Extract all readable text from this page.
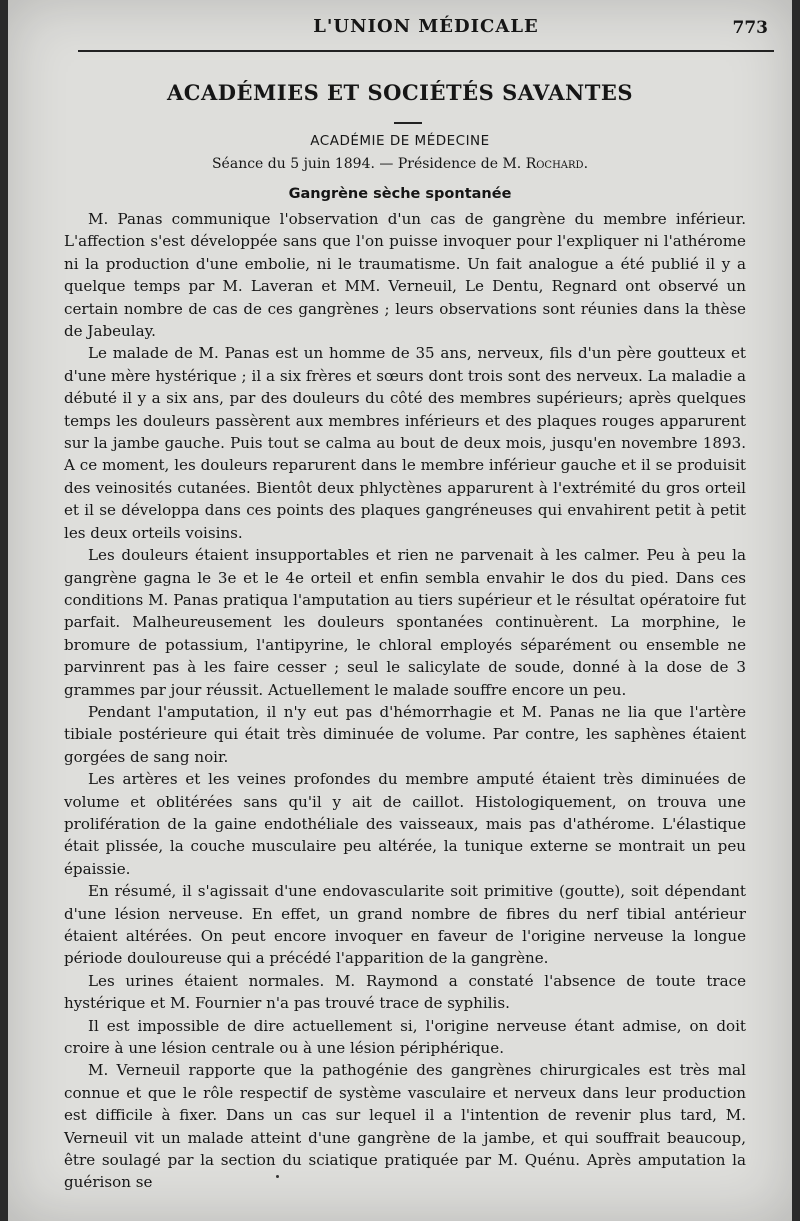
L'UNION MÉDICALE	773
ACADÉMIES ET SOCIÉTÉS SAVANTES
ACADÉMIE DE MÉDECINE
Séance du 5 juin 1894. — Présidence de M. Rochard.
Gangrène sèche spontanée

M. Panas communique l'observation d'un cas de gangrène du membre inférieur. L'affection s'est développée sans que l'on puisse invoquer pour l'expliquer ni l'athérome ni la production d'une embolie, ni le traumatisme. Un fait analogue a été publié il y a quelque temps par M. Laveran et MM. Verneuil, Le Dentu, Regnard ont observé un certain nombre de cas de ces gangrènes ; leurs observations sont réunies dans la thèse de Jabeulay.

Le malade de M. Panas est un homme de 35 ans, nerveux, fils d'un père goutteux et d'une mère hystérique ; il a six frères et sœurs dont trois sont des nerveux. La maladie a débuté il y a six ans, par des douleurs du côté des membres supérieurs; après quelques temps les douleurs passèrent aux membres inférieurs et des plaques rouges apparurent sur la jambe gauche. Puis tout se calma au bout de deux mois, jusqu'en novembre 1893. A ce moment, les douleurs reparurent dans le membre inférieur gauche et il se produisit des veinosités cutanées. Bientôt deux phlyctènes apparurent à l'extrémité du gros orteil et il se développa dans ces points des plaques gangréneuses qui envahirent petit à petit les deux orteils voisins.

Les douleurs étaient insupportables et rien ne parvenait à les calmer. Peu à peu la gangrène gagna le 3e et le 4e orteil et enfin sembla envahir le dos du pied. Dans ces conditions M. Panas pratiqua l'amputation au tiers supérieur et le résultat opératoire fut parfait. Malheureusement les douleurs spontanées continuèrent. La morphine, le bromure de potassium, l'antipyrine, le chloral employés séparément ou ensemble ne parvinrent pas à les faire cesser ; seul le salicylate de soude, donné à la dose de 3 grammes par jour réussit. Actuellement le malade souffre encore un peu.

Pendant l'amputation, il n'y eut pas d'hémorrhagie et M. Panas ne lia que l'artère tibiale postérieure qui était très diminuée de volume. Par contre, les saphènes étaient gorgées de sang noir.

Les artères et les veines profondes du membre amputé étaient très diminuées de volume et oblitérées sans qu'il y ait de caillot. Histologiquement, on trouva une prolifération de la gaine endothéliale des vaisseaux, mais pas d'athérome. L'élastique était plissée, la couche musculaire peu altérée, la tunique externe se montrait un peu épaissie.

En résumé, il s'agissait d'une endovascularite soit primitive (goutte), soit dépendant d'une lésion nerveuse. En effet, un grand nombre de fibres du nerf tibial antérieur étaient altérées. On peut encore invoquer en faveur de l'origine nerveuse la longue période douloureuse qui a précédé l'apparition de la gangrène.

Les urines étaient normales. M. Raymond a constaté l'absence de toute trace hystérique et M. Fournier n'a pas trouvé trace de syphilis.

Il est impossible de dire actuellement si, l'origine nerveuse étant admise, on doit croire à une lésion centrale ou à une lésion périphérique.

M. Verneuil rapporte que la pathogénie des gangrènes chirurgicales est très mal connue et que le rôle respectif de système vasculaire et nerveux dans leur production est difficile à fixer. Dans un cas sur lequel il a l'intention de revenir plus tard, M. Verneuil vit un malade atteint d'une gangrène de la jambe, et qui souffrait beaucoup, être soulagé par la section du sciatique pratiquée par M. Quénu. Après amputation la guérison se
